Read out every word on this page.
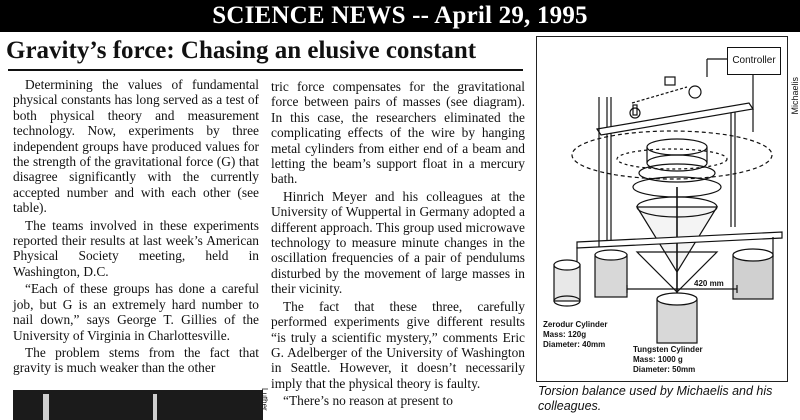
SCIENCE NEWS -- April 29, 1995
Gravity’s force: Chasing an elusive constant

Determining the values of fundamental physical constants has long served as a test of both physical theory and measurement technology. Now, experiments by three independent groups have produced values for the strength of the gravitational force (G) that disagree significantly with the currently accepted number and with each other (see table).

The teams involved in these experiments reported their results at last week’s American Physical Society meeting, held in Washington, D.C.

“Each of these groups has done a careful job, but G is an extremely hard number to nail down,” says George T. Gillies of the University of Virginia in Charlottesville.

The problem stems from the fact that gravity is much weaker than the other

tric force compensates for the gravitational force between pairs of masses (see diagram). In this case, the researchers eliminated the complicating effects of the wire by hanging metal cylinders from either end of a beam and letting the beam’s support float in a mercury bath.

Hinrich Meyer and his colleagues at the University of Wuppertal in Germany adopted a different approach. This group used microwave technology to measure minute changes in the oscillation frequencies of a pair of pendulums disturbed by the movement of large masses in their vicinity.

The fact that these three, carefully performed experiments give different results “is truly a scientific mystery,” comments Eric G. Adelberger of the University of Washington in Seattle. However, it doesn’t necessarily imply that the physical theory is faulty.

“There’s no reason at present to

Luther
Controller
Michaelis
420 mm
Zerodur Cylinder
Mass: 120g
Diameter: 40mm
Tungsten Cylinder
Mass: 1000 g
Diameter: 50mm
Torsion balance used by Michaelis and his colleagues.
